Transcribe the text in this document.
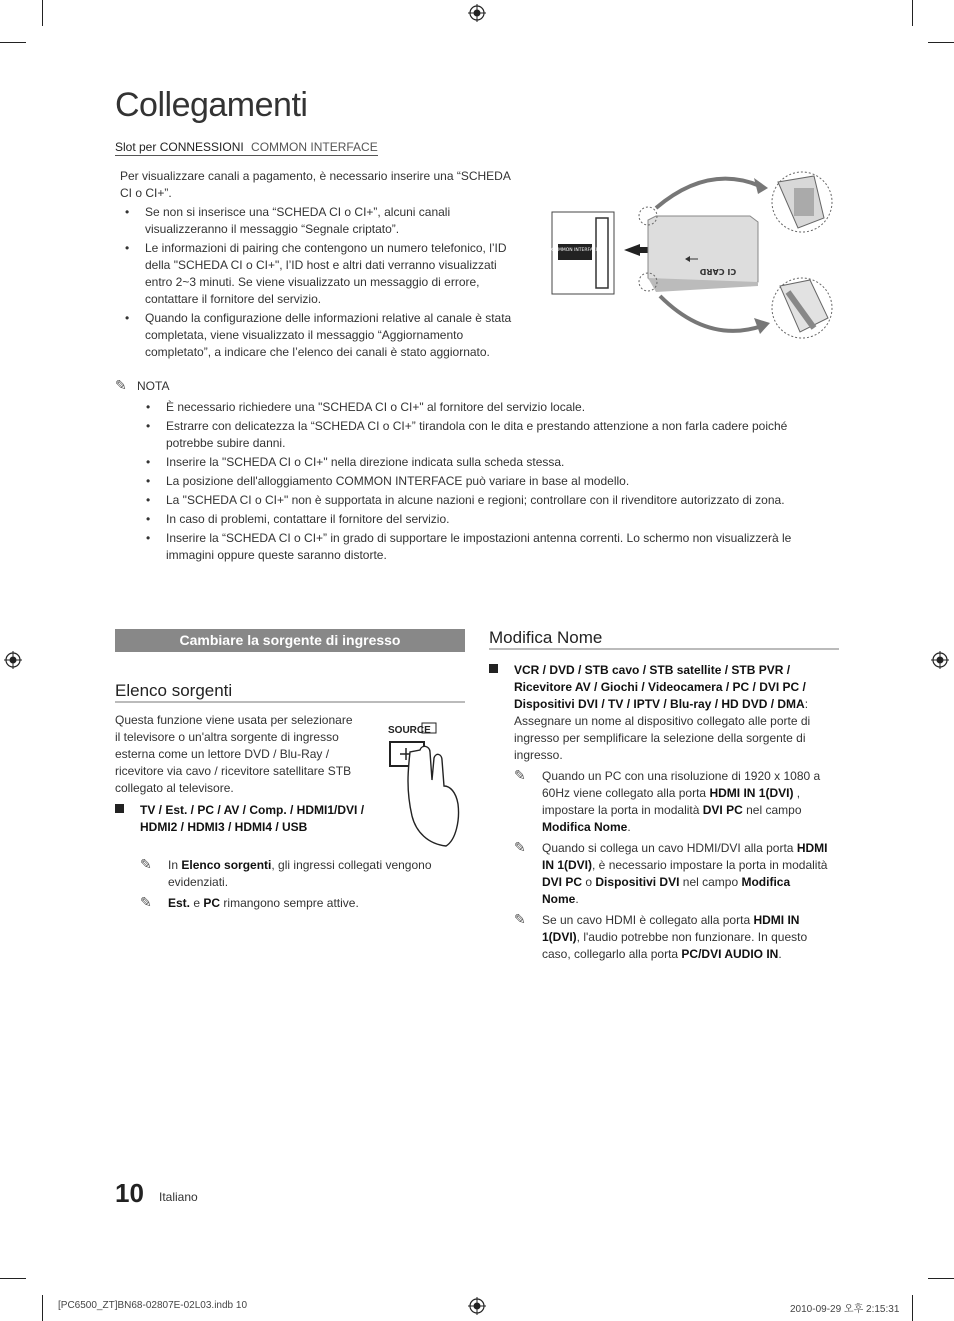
Collegamenti
Slot per CONNESSIONI COMMON INTERFACE
Per visualizzare canali a pagamento, è necessario inserire una “SCHEDA CI o CI+”.
• Se non si inserisce una “SCHEDA CI o CI+”, alcuni canali visualizzeranno il messaggio “Segnale criptato”.
• Le informazioni di pairing che contengono un numero telefonico, l’ID della "SCHEDA CI o CI+", l’ID host e altri dati verranno visualizzati entro 2~3 minuti. Se viene visualizzato un messaggio di errore, contattare il fornitore del servizio.
• Quando la configurazione delle informazioni relative al canale è stata completata, viene visualizzato il messaggio “Aggiornamento completato”, a indicare che l’elenco dei canali è stato aggiornato.
COMMON INTERFACE
CI CARD
✎ NOTA
• È necessario richiedere una "SCHEDA CI o CI+" al fornitore del servizio locale.
• Estrarre con delicatezza la “SCHEDA CI o CI+” tirandola con le dita e prestando attenzione a non farla cadere poiché potrebbe subire danni.
• Inserire la "SCHEDA CI o CI+" nella direzione indicata sulla scheda stessa.
• La posizione dell'alloggiamento COMMON INTERFACE può variare in base al modello.
• La "SCHEDA CI o CI+" non è supportata in alcune nazioni e regioni; controllare con il rivenditore autorizzato di zona.
• In caso di problemi, contattare il fornitore del servizio.
• Inserire la “SCHEDA CI o CI+” in grado di supportare le impostazioni antenna correnti. Lo schermo non visualizzerà le immagini oppure queste saranno distorte.
Cambiare la sorgente di ingresso
Elenco sorgenti
Questa funzione viene usata per selezionare il televisore o un'altra sorgente di ingresso esterna come un lettore DVD / Blu-Ray / ricevitore via cavo / ricevitore satellitare STB collegato al televisore.
SOURCE
TV / Est. / PC / AV / Comp. / HDMI1/DVI / HDMI2 / HDMI3 / HDMI4 / USB
✎	In Elenco sorgenti, gli ingressi collegati vengono evidenziati.
✎	Est. e PC rimangono sempre attive.
Modifica Nome
VCR / DVD / STB cavo / STB satellite / STB PVR / Ricevitore AV / Giochi / Videocamera / PC / DVI PC / Dispositivi DVI / TV / IPTV / Blu-ray / HD DVD / DMA: Assegnare un nome al dispositivo collegato alle porte di ingresso per semplificare la selezione della sorgente di ingresso.
✎	Quando un PC con una risoluzione di 1920 x 1080 a 60Hz viene collegato alla porta HDMI IN 1(DVI) , impostare la porta in modalità DVI PC nel campo Modifica Nome.
✎	Quando si collega un cavo HDMI/DVI alla porta HDMI IN 1(DVI), è necessario impostare la porta in modalità DVI PC o Dispositivi DVI nel campo Modifica Nome.
✎	Se un cavo HDMI è collegato alla porta HDMI IN 1(DVI), l'audio potrebbe non funzionare. In questo caso, collegarlo alla porta PC/DVI AUDIO IN.
10 Italiano
[PC6500_ZT]BN68-02807E-02L03.indb 10	2010-09-29 오후 2:15:31
